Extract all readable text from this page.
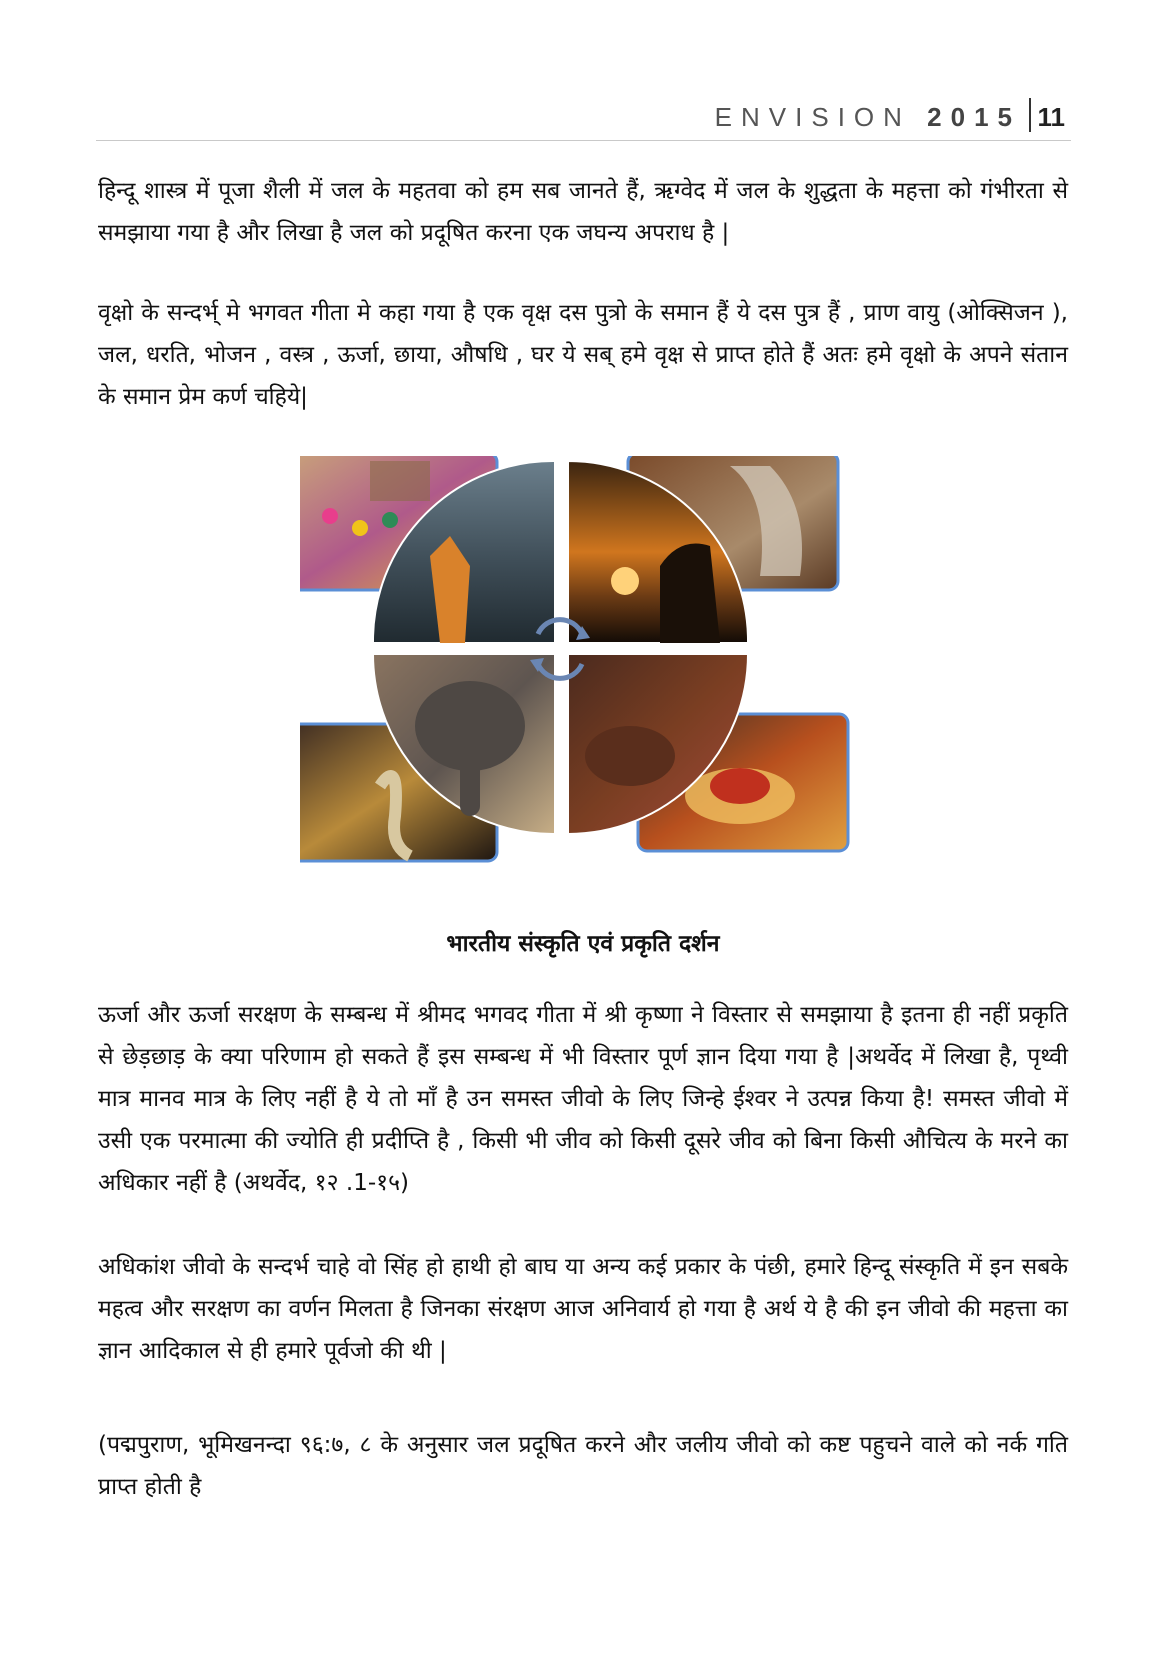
ENVISION 2015 11

हिन्दू शास्त्र में पूजा शैली में जल के महतवा को हम सब जानते हैं, ऋग्वेद में जल के शुद्धता के महत्ता को गंभीरता से समझाया गया है और लिखा है जल को प्रदूषित करना एक जघन्य अपराध है |

वृक्षो के सन्दर्भ् मे भगवत गीता मे कहा गया है एक वृक्ष दस पुत्रो के समान हैं ये दस पुत्र हैं , प्राण वायु (ओक्सिजन ), जल, धरति, भोजन , वस्त्र , ऊर्जा, छाया, औषधि , घर ये सब् हमे वृक्ष से प्राप्त होते हैं अतः हमे वृक्षो के अपने संतान के समान प्रेम कर्ण चहिये|

भारतीय संस्कृति एवं प्रकृति दर्शन

ऊर्जा और ऊर्जा सरक्षण के सम्बन्ध में श्रीमद भगवद गीता में श्री कृष्णा ने विस्तार से समझाया है इतना ही नहीं प्रकृति से छेड़छाड़ के क्या परिणाम हो सकते हैं इस सम्बन्ध में भी विस्तार पूर्ण ज्ञान दिया गया है |अथर्वेद में लिखा है, पृथ्वी मात्र मानव मात्र के लिए नहीं है ये तो माँ है उन समस्त जीवो के लिए जिन्हे ईश्वर ने उत्पन्न किया है! समस्त जीवो में उसी एक परमात्मा की ज्योति ही प्रदीप्ति है , किसी भी जीव को किसी दूसरे जीव को बिना किसी औचित्य के मरने का अधिकार नहीं है (अथर्वेद, १२ .1-१५)

अधिकांश जीवो के सन्दर्भ चाहे वो सिंह हो हाथी हो बाघ या अन्य कई प्रकार के पंछी, हमारे हिन्दू संस्कृति में इन सबके महत्व और सरक्षण का वर्णन मिलता है जिनका संरक्षण आज अनिवार्य हो गया है अर्थ ये है की इन जीवो की महत्ता का ज्ञान आदिकाल से ही हमारे पूर्वजो की थी |

(पद्मपुराण, भूमिखनन्दा ९६:७, ८ के अनुसार जल प्रदूषित करने और जलीय जीवो को कष्ट पहुचने वाले को नर्क गति प्राप्त होती है
